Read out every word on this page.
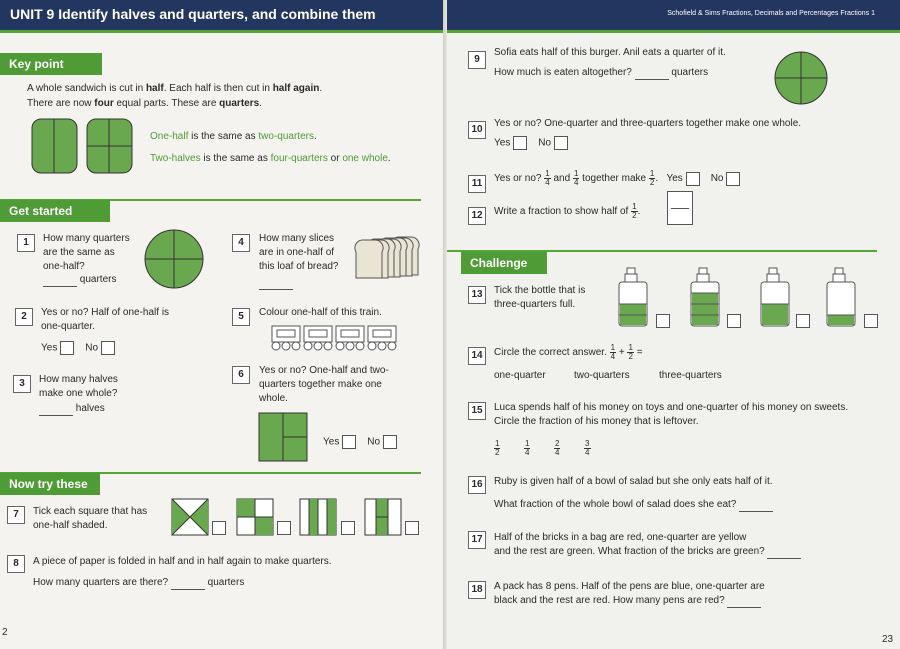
UNIT 9 Identify halves and quarters, and combine them
Key point
A whole sandwich is cut in half. Each half is then cut in half again.
There are now four equal parts. These are quarters.
One-half is the same as two-quarters.
Two-halves is the same as four-quarters or one whole.
Get started
1	How many quarters
are the same as
one-half?
quarters
4	How many slices
are in one-half of
this loaf of bread?
2	Yes or no? Half of one-half is
one-quarter.
Yes	No
5	Colour one-half of this train.
3	How many halves
make one whole?
halves
6	Yes or no? One-half and two-
quarters together make one
whole.
Yes	No
Now try these
7	Tick each square that has
one-half shaded.
8	A piece of paper is folded in half and in half again to make quarters.
How many quarters are there?	quarters
2
Schofield & Sims Fractions, Decimals and Percentages Fractions 1
9
Sofia eats half of this burger. Anil eats a quarter of it.
How much is eaten altogether?	quarters
10
Yes or no? One-quarter and three-quarters together make one whole.
Yes	No
11	Yes or no? $\frac{1}{4}$ and $\frac{1}{4}$ together make $\frac{1}{2}$ .   Yes	No
12	Write a fraction to show half of $\frac{1}{2}$ .
Challenge
13	Tick the bottle that is
three-quarters full.
14	Circle the correct answer. $\frac{1}{4} + \frac{1}{2}$ =
one-quarter	two-quarters	three-quarters
15	Luca spends half of his money on toys and one-quarter of his money on sweets.
Circle the fraction of his money that is leftover.
$\frac{1}{2}$
	$\frac{1}{4}$
	$\frac{2}{4}$
	$\frac{3}{4}$
16	Ruby is given half of a bowl of salad but she only eats half of it.
What fraction of the whole bowl of salad does she eat?
17	Half of the bricks in a bag are red, one-quarter are yellow
and the rest are green. What fraction of the bricks are green?
18	A pack has 8 pens. Half of the pens are blue, one-quarter are
black and the rest are red. How many pens are red?
23
